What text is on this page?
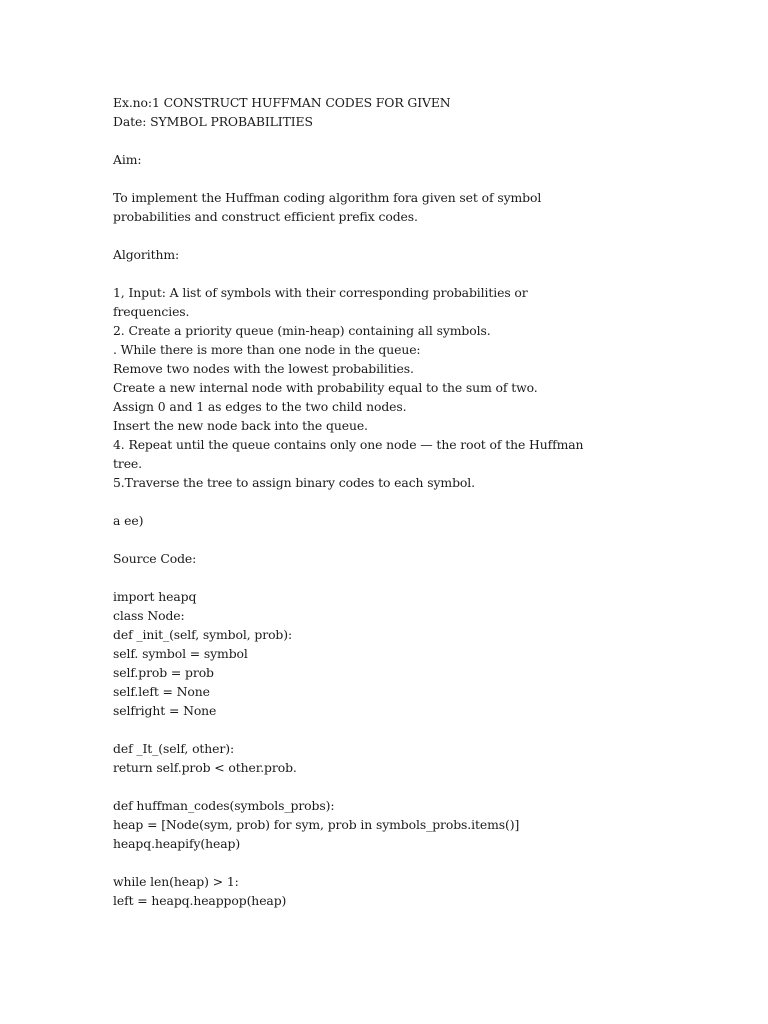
Ex.no:1 CONSTRUCT HUFFMAN CODES FOR GIVEN
Date: SYMBOL PROBABILITIES
Aim:
To implement the Huffman coding algorithm fora given set of symbol
probabilities and construct efficient prefix codes.
Algorithm:
1, Input: A list of symbols with their corresponding probabilities or
frequencies.
2. Create a priority queue (min-heap) containing all symbols.
. While there is more than one node in the queue:
Remove two nodes with the lowest probabilities.
Create a new internal node with probability equal to the sum of two.
Assign 0 and 1 as edges to the two child nodes.
Insert the new node back into the queue.
4. Repeat until the queue contains only one node — the root of the Huffman
tree.
5.Traverse the tree to assign binary codes to each symbol.
a ee)
Source Code:
import heapq
class Node:
def _init_(self, symbol, prob):
self. symbol = symbol
self.prob = prob
self.left = None
selfright = None
def _It_(self, other):
return self.prob < other.prob.
def huffman_codes(symbols_probs):
heap = [Node(sym, prob) for sym, prob in symbols_probs.items()]
heapq.heapify(heap)
while len(heap) > 1:
left = heapq.heappop(heap)
